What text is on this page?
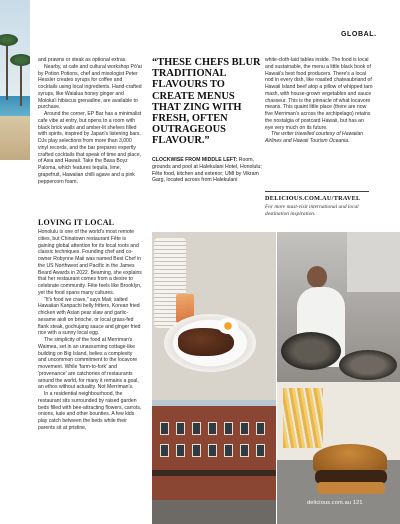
GLOBAL.

and prawns or steak as optional extras.

Nearby, at cafe and cultural workshop Pō'ai by Potion Potions, chef and mixologist Peter Hessler creates syrups for coffee and cocktails using local ingredients. Hand-crafted syrups, like Waialua honey ginger and Moloka'i hibiscus grenadine, are available to purchase.

Around the corner, EP Bar has a minimalist cafe vibe at entry, but opens to a room with black brick walls and amber-lit shelves filled with spirits, inspired by Japan's listening bars. DJs play selections from more than 3,000 vinyl records, and the bar prepares expertly crafted cocktails that speak of time and place, of Asia and Hawaii. Take the Basa Boyz Paloma, which features tequila, lime, grapefruit, Hawaiian chilli agave and a pink peppercorn foam.

LOVING IT LOCAL

Honolulu is one of the world's most remote cities, but Chinatown restaurant Fête is gaining global attention for its local roots and classic techniques. Founding chef and co-owner Robynne Maii was named Best Chef in the US Northwest and Pacific in the James Beard Awards in 2022. Beaming, she explains that her restaurant comes from a desire to celebrate community. Fête feels like Brooklyn, yet the food spans many cultures.

"It's food we crave," says Maii; salted Hawaiian Kanpachi belly fritters, Korean fried chicken with Asian pear slaw and garlic-sesame aioli on brioche, or local grass-fed flank steak, gochujang sauce and ginger fried rice with a sunny local egg.

The simplicity of the food at Merriman's Waimea, set in an unassuming cottage-like building on Big Island, belies a complexity and uncommon commitment to the locavore movement. While 'farm-to-fork' and 'provenance' are catchories of restaurants around the world, for many it remains a goal, an ethos without actuality. Not Merriman's.

In a residential neighbourhood, the restaurant sits surrounded by raised garden beds filled with bee-attracting flowers, carrots, onions, kale and other bounties. A few kids play catch between the beds while their parents sit at pristine,

“THESE CHEFS BLUR TRADITIONAL FLAVOURS TO CREATE MENUS THAT ZING WITH FRESH, OFTEN OUTRAGEOUS FLAVOUR.”
CLOCKWISE FROM MIDDLE LEFT: Room, grounds and pool at Halekulani Hotel, Honolulu; Fête food, kitchen and exterior; UMI by Vikram Garg, located across from Halekulani

white-cloth-laid tables inside. The food is local and sustainable, the menu a little black book of Hawaii's best food producers. There's a local nod in every dish, like roasted chateaubriand of Hawaii Island beef atop a pillow of whipped taro mash, with house-grown vegetables and sauce chasseur. This is the pinnacle of what locavore means. This quaint little place (there are now five Merriman's across the archipelago) retains the nostalgia of postcard Hawaii, but has an eye very much on its future.

The writer travelled courtesy of Hawaiian Airlines and Hawaii Tourism Oceania.

DELICIOUS.COM.AU/TRAVEL
For more must-visit international and local destination inspiration.
delicious.com.au 121
